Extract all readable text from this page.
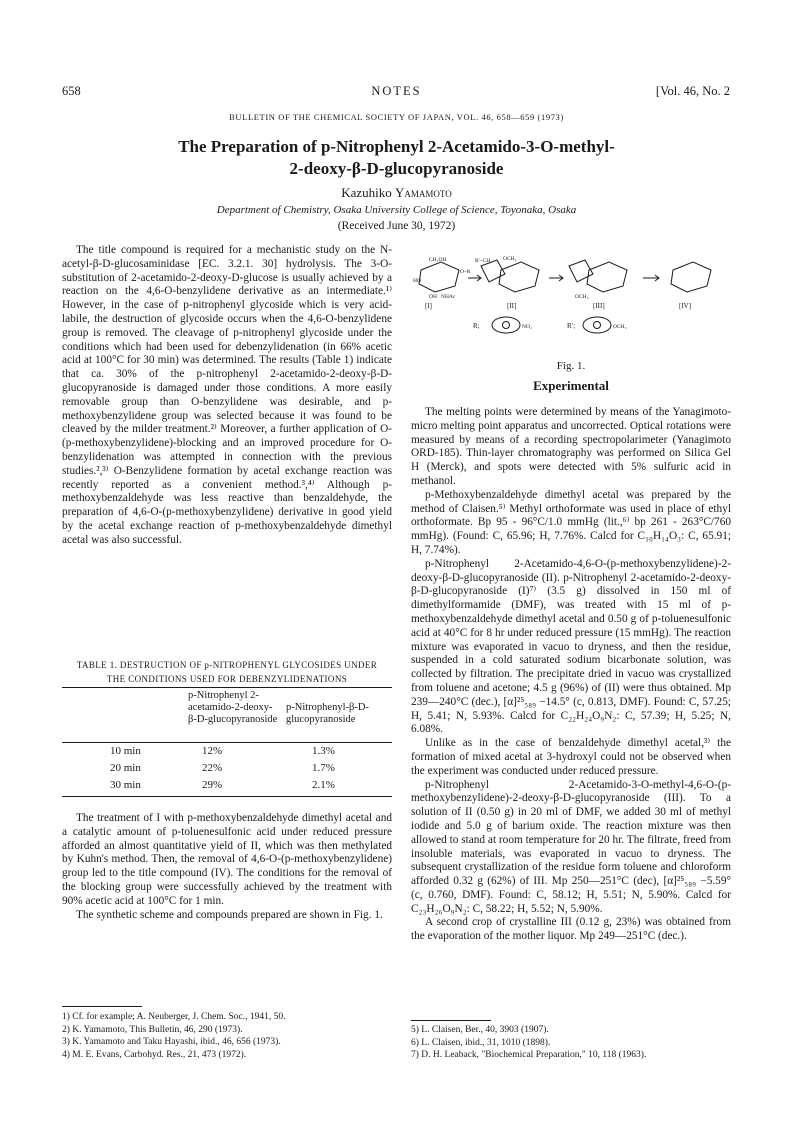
658	NOTES	[Vol. 46, No. 2
BULLETIN OF THE CHEMICAL SOCIETY OF JAPAN, VOL. 46, 658—659 (1973)
The Preparation of p-Nitrophenyl 2-Acetamido-3-O-methyl-
2-deoxy-β-D-glucopyranoside
Kazuhiko Yamamoto
Department of Chemistry, Osaka University College of Science, Toyonaka, Osaka
(Received June 30, 1972)

The title compound is required for a mechanistic study on the N-acetyl-β-D-glucosaminidase [EC. 3.2.1. 30] hydrolysis. The 3-O-substitution of 2-acetamido-2-deoxy-D-glucose is usually achieved by a reaction on the 4,6-O-benzylidene derivative as an intermediate.¹⁾ However, in the case of p-nitrophenyl glycoside which is very acid-labile, the destruction of glycoside occurs when the 4,6-O-benzylidene group is removed. The cleavage of p-nitrophenyl glycoside under the conditions which had been used for debenzylidenation (in 66% acetic acid at 100°C for 30 min) was determined. The results (Table 1) indicate that ca. 30% of the p-nitrophenyl 2-acetamido-2-deoxy-β-D-glucopyranoside is damaged under those conditions. A more easily removable group than O-benzylidene was desirable, and p-methoxybenzylidene group was selected because it was found to be cleaved by the milder treatment.²⁾ Moreover, a further application of O-(p-methoxybenzylidene)-blocking and an improved procedure for O-benzylidenation was attempted in connection with the previous studies.²,³⁾ O-Benzylidene formation by acetal exchange reaction was recently reported as a convenient method.³,⁴⁾ Although p-methoxybenzaldehyde was less reactive than benzaldehyde, the preparation of 4,6-O-(p-methoxybenzylidene) derivative in good yield by the acetal exchange reaction of p-methoxybenzaldehyde dimethyl acetal was also successful.

TABLE 1. DESTRUCTION OF p-NITROPHENYL GLYCOSIDES UNDER
THE CONDITIONS USED FOR DEBENZYLIDENATIONS
p-Nitrophenyl 2-acetamido-2-deoxy-β-D-glucopyranoside
p-Nitrophenyl-β-D-glucopyranoside
10 min	12%	1.3%
20 min	22%	1.7%
30 min	29%	2.1%

The treatment of I with p-methoxybenzaldehyde dimethyl acetal and a catalytic amount of p-toluenesulfonic acid under reduced pressure afforded an almost quantitative yield of II, which was then methylated by Kuhn's method. Then, the removal of 4,6-O-(p-methoxybenzylidene) group led to the title compound (IV). The conditions for the removal of the blocking group were successfully achieved by the treatment with 90% acetic acid at 100°C for 1 min.

The synthetic scheme and compounds prepared are shown in Fig. 1.

1) Cf. for example; A. Neuberger, J. Chem. Soc., 1941, 50.
2) K. Yamamoto, This Bulletin, 46, 290 (1973).
3) K. Yamamoto and Taku Hayashi, ibid., 46, 656 (1973).
4) M. E. Evans, Carbohyd. Res., 21, 473 (1972).
CH₂OH
O–R
HO
OH NHAc
R′–CH OCH₂
OCH₃
[I]	[II]	[III]	[IV]
R;	NO₂	R′;	OCH₃
Fig. 1.
Experimental

The melting points were determined by means of the Yanagimoto-micro melting point apparatus and uncorrected. Optical rotations were measured by means of a recording spectropolarimeter (Yanagimoto ORD-185). Thin-layer chromatography was performed on Silica Gel H (Merck), and spots were detected with 5% sulfuric acid in methanol.

p-Methoxybenzaldehyde dimethyl acetal was prepared by the method of Claisen.⁵⁾ Methyl orthoformate was used in place of ethyl orthoformate. Bp 95 - 96°C/1.0 mmHg (lit.,⁶⁾ bp 261 - 263°C/760 mmHg). (Found: C, 65.96; H, 7.76%. Calcd for C₁₀H₁₄O₃: C, 65.91; H, 7.74%).

p-Nitrophenyl 2-Acetamido-4,6-O-(p-methoxybenzylidene)-2-deoxy-β-D-glucopyranoside (II). p-Nitrophenyl 2-acetamido-2-deoxy-β-D-glucopyranoside (I)⁷⁾ (3.5 g) dissolved in 150 ml of dimethylformamide (DMF), was treated with 15 ml of p-methoxybenzaldehyde dimethyl acetal and 0.50 g of p-toluenesulfonic acid at 40°C for 8 hr under reduced pressure (15 mmHg). The reaction mixture was evaporated in vacuo to dryness, and then the residue, suspended in a cold saturated sodium bicarbonate solution, was collected by filtration. The precipitate dried in vacuo was crystallized from toluene and acetone; 4.5 g (96%) of (II) were thus obtained. Mp 239—240°C (dec.), [α]²⁵₅₈₉ −14.5° (c, 0.813, DMF). Found: C, 57.25; H, 5.41; N, 5.93%. Calcd for C₂₂H₂₄O₉N₂: C, 57.39; H, 5.25; N, 6.08%.

Unlike as in the case of benzaldehyde dimethyl acetal,³⁾ the formation of mixed acetal at 3-hydroxyl could not be observed when the experiment was conducted under reduced pressure.

p-Nitrophenyl 2-Acetamido-3-O-methyl-4,6-O-(p-methoxybenzylidene)-2-deoxy-β-D-glucopyranoside (III). To a solution of II (0.50 g) in 20 ml of DMF, we added 30 ml of methyl iodide and 5.0 g of barium oxide. The reaction mixture was then allowed to stand at room temperature for 20 hr. The filtrate, freed from insoluble materials, was evaporated in vacuo to dryness. The subsequent crystallization of the residue form toluene and chloroform afforded 0.32 g (62%) of III. Mp 250—251°C (dec), [α]²⁵₅₈₉ −5.59° (c, 0.760, DMF). Found: C, 58.12; H, 5.51; N, 5.90%. Calcd for C₂₃H₂₆O₉N₂: C, 58.22; H, 5.52; N, 5.90%.

A second crop of crystalline III (0.12 g, 23%) was obtained from the evaporation of the mother liquor. Mp 249—251°C (dec.).

5) L. Claisen, Ber., 40, 3903 (1907).
6) L. Claisen, ibid., 31, 1010 (1898).
7) D. H. Leaback, "Biochemical Preparation," 10, 118 (1963).
